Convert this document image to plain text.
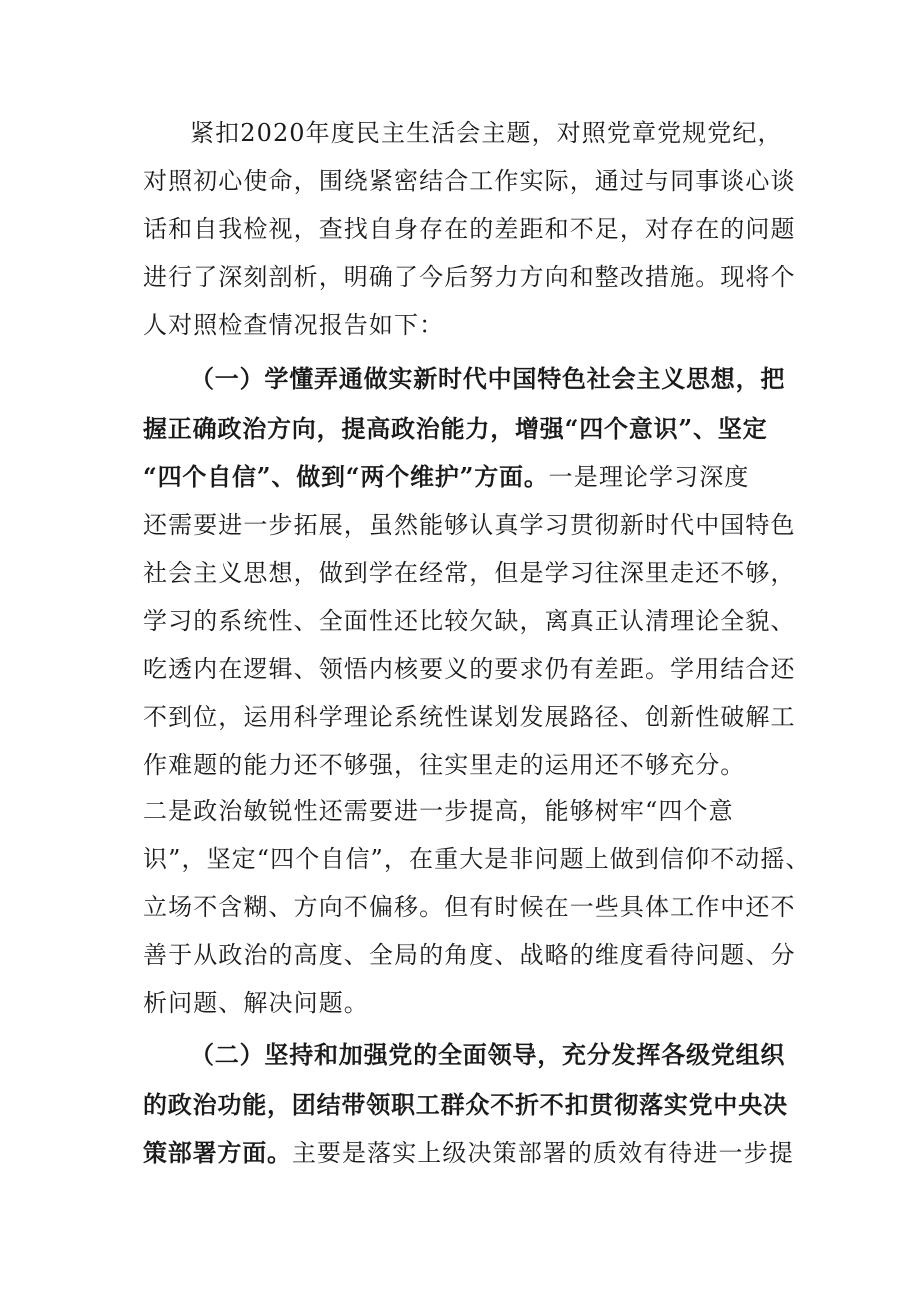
紧扣2020年度民主生活会主题，对照党章党规党纪，
对照初心使命，围绕紧密结合工作实际，通过与同事谈心谈
话和自我检视，查找自身存在的差距和不足，对存在的问题
进行了深刻剖析，明确了今后努力方向和整改措施。现将个
人对照检查情况报告如下：
（一）学懂弄通做实新时代中国特色社会主义思想，把
握正确政治方向，提高政治能力，增强“四个意识”、坚定
“四个自信”、做到“两个维护”方面。一是理论学习深度
还需要进一步拓展，虽然能够认真学习贯彻新时代中国特色
社会主义思想，做到学在经常，但是学习往深里走还不够，
学习的系统性、全面性还比较欠缺，离真正认清理论全貌、
吃透内在逻辑、领悟内核要义的要求仍有差距。学用结合还
不到位，运用科学理论系统性谋划发展路径、创新性破解工
作难题的能力还不够强，往实里走的运用还不够充分。
二是政治敏锐性还需要进一步提高，能够树牢“四个意
识”，坚定“四个自信”，在重大是非问题上做到信仰不动摇、
立场不含糊、方向不偏移。但有时候在一些具体工作中还不
善于从政治的高度、全局的角度、战略的维度看待问题、分
析问题、解决问题。
（二）坚持和加强党的全面领导，充分发挥各级党组织
的政治功能，团结带领职工群众不折不扣贯彻落实党中央决
策部署方面。主要是落实上级决策部署的质效有待进一步提
